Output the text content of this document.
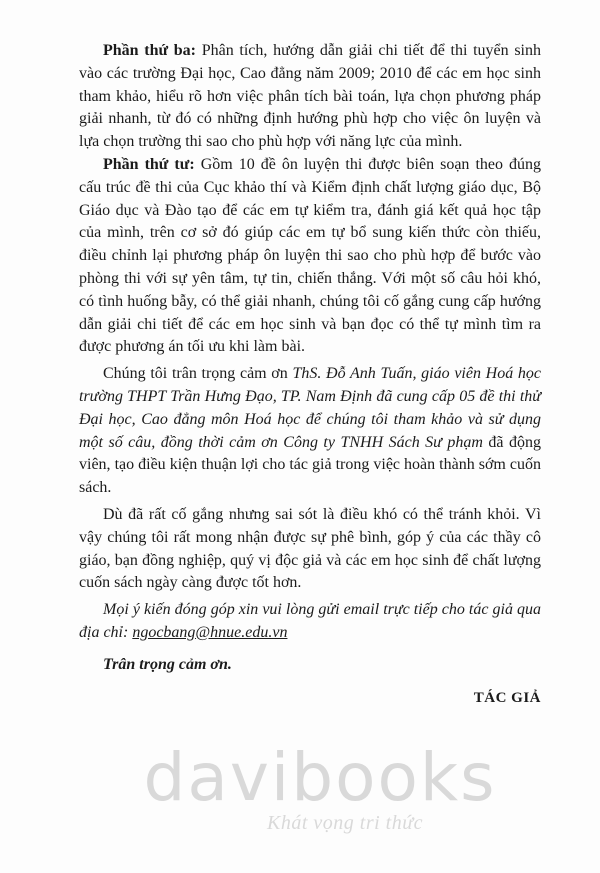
Phần thứ ba: Phân tích, hướng dẫn giải chi tiết để thi tuyển sinh vào các trường Đại học, Cao đẳng năm 2009; 2010 để các em học sinh tham khảo, hiểu rõ hơn việc phân tích bài toán, lựa chọn phương pháp giải nhanh, từ đó có những định hướng phù hợp cho việc ôn luyện và lựa chọn trường thi sao cho phù hợp với năng lực của mình.

Phần thứ tư: Gồm 10 đề ôn luyện thi được biên soạn theo đúng cấu trúc đề thi của Cục khảo thí và Kiểm định chất lượng giáo dục, Bộ Giáo dục và Đào tạo để các em tự kiểm tra, đánh giá kết quả học tập của mình, trên cơ sở đó giúp các em tự bổ sung kiến thức còn thiếu, điều chỉnh lại phương pháp ôn luyện thi sao cho phù hợp để bước vào phòng thi với sự yên tâm, tự tin, chiến thắng. Với một số câu hỏi khó, có tình huống bẫy, có thể giải nhanh, chúng tôi cố gắng cung cấp hướng dẫn giải chi tiết để các em học sinh và bạn đọc có thể tự mình tìm ra được phương án tối ưu khi làm bài.

Chúng tôi trân trọng cảm ơn ThS. Đỗ Anh Tuấn, giáo viên Hoá học trường THPT Trần Hưng Đạo, TP. Nam Định đã cung cấp 05 đề thi thử Đại học, Cao đẳng môn Hoá học để chúng tôi tham khảo và sử dụng một số câu, đồng thời cảm ơn Công ty TNHH Sách Sư phạm đã động viên, tạo điều kiện thuận lợi cho tác giả trong việc hoàn thành sớm cuốn sách.

Dù đã rất cố gắng nhưng sai sót là điều khó có thể tránh khỏi. Vì vậy chúng tôi rất mong nhận được sự phê bình, góp ý của các thầy cô giáo, bạn đồng nghiệp, quý vị độc giả và các em học sinh để chất lượng cuốn sách ngày càng được tốt hơn.

Mọi ý kiến đóng góp xin vui lòng gửi email trực tiếp cho tác giả qua địa chỉ: ngocbang@hnue.edu.vn

Trân trọng cảm ơn.

TÁC GIẢ

davibooks
Khát vọng tri thức
